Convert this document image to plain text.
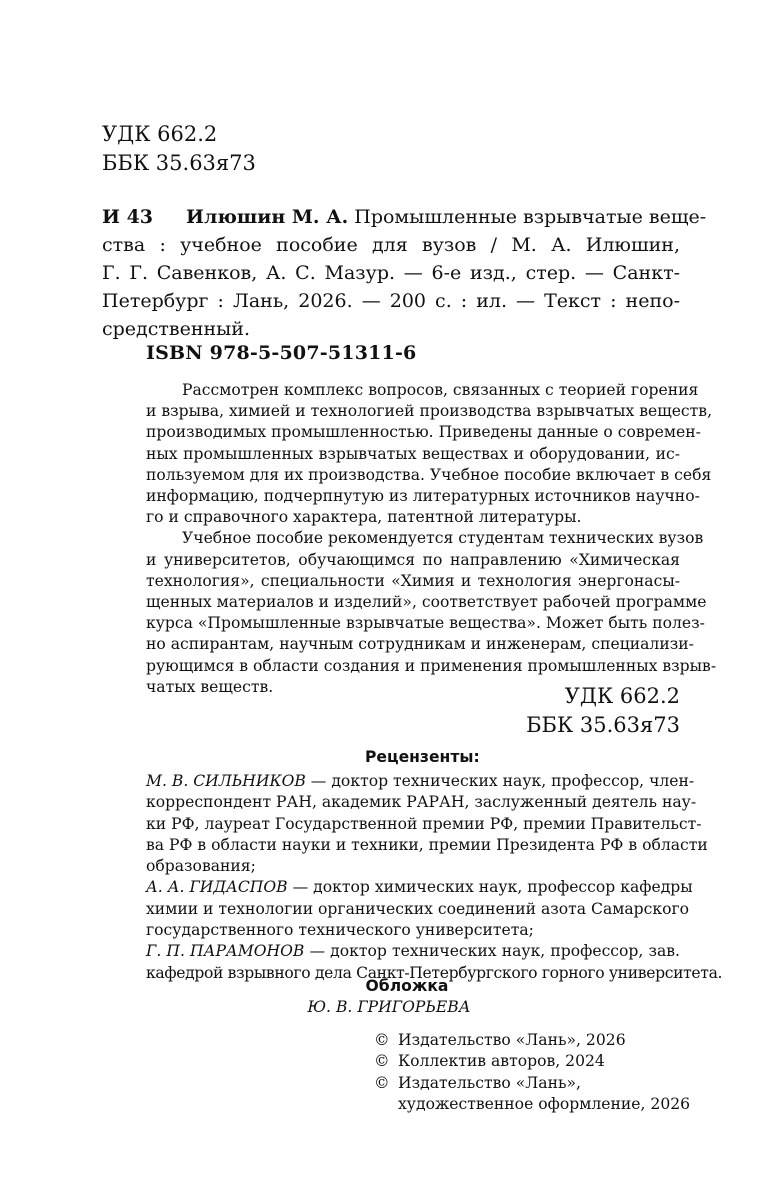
УДК 662.2
ББК 35.63я73
И 43 Илюшин М. А. Промышленные взрывчатые веще-
ства : учебное пособие для вузов / М. А. Илюшин,
Г. Г. Савенков, А. С. Мазур. — 6-е изд., стер. — Санкт-
Петербург : Лань, 2026. — 200 с. : ил. — Текст : непо-
средственный.
ISBN 978-5-507-51311-6
Рассмотрен комплекс вопросов, связанных с теорией горения
и взрыва, химией и технологией производства взрывчатых веществ,
производимых промышленностью. Приведены данные о современ-
ных промышленных взрывчатых веществах и оборудовании, ис-
пользуемом для их производства. Учебное пособие включает в себя
информацию, подчерпнутую из литературных источников научно-
го и справочного характера, патентной литературы.
Учебное пособие рекомендуется студентам технических вузов
и университетов, обучающимся по направлению «Химическая
технология», специальности «Химия и технология энергонасы-
щенных материалов и изделий», соответствует рабочей программе
курса «Промышленные взрывчатые вещества». Может быть полез-
но аспирантам, научным сотрудникам и инженерам, специализи-
рующимся в области создания и применения промышленных взрыв-
чатых веществ.	УДК 662.2
ББК 35.63я73
Рецензенты:
М. В. СИЛЬНИКОВ — доктор технических наук, профессор, член-
корреспондент РАН, академик РАРАН, заслуженный деятель нау-
ки РФ, лауреат Государственной премии РФ, премии Правительст-
ва РФ в области науки и техники, премии Президента РФ в области
образования;
А. А. ГИДАСПОВ — доктор химических наук, профессор кафедры
химии и технологии органических соединений азота Самарского
государственного технического университета;
Г. П. ПАРАМОНОВ — доктор технических наук, профессор, зав.
кафедрой взрывного дела Санкт-Петербургского горного университета.
Обложка
Ю. В. ГРИГОРЬЕВА
© Издательство «Лань», 2026
© Коллектив авторов, 2024
© Издательство «Лань»,
художественное оформление, 2026
